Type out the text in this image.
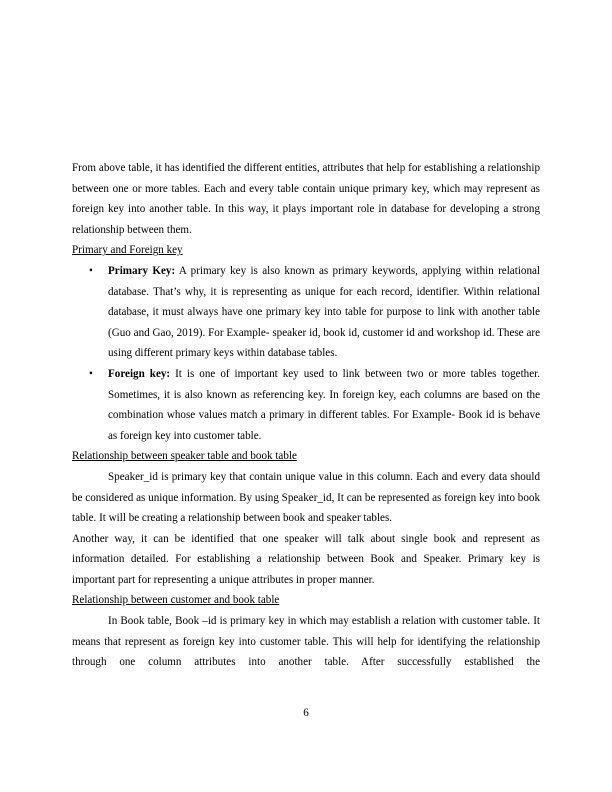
From above table, it has identified the different entities, attributes that help for establishing a relationship between one or more tables. Each and every table contain unique primary key, which may represent as foreign key into another table. In this way, it plays important role in database for developing a strong relationship between them.

Primary and Foreign key

• Primary Key: A primary key is also known as primary keywords, applying within relational database. That’s why, it is representing as unique for each record, identifier. Within relational database, it must always have one primary key into table for purpose to link with another table (Guo and Gao, 2019). For Example- speaker id, book id, customer id and workshop id. These are using different primary keys within database tables.
• Foreign key: It is one of important key used to link between two or more tables together. Sometimes, it is also known as referencing key. In foreign key, each columns are based on the combination whose values match a primary in different tables. For Example- Book id is behave as foreign key into customer table.

Relationship between speaker table and book table

Speaker_id is primary key that contain unique value in this column. Each and every data should be considered as unique information. By using Speaker_id, It can be represented as foreign key into book table. It will be creating a relationship between book and speaker tables.

Another way, it can be identified that one speaker will talk about single book and represent as information detailed. For establishing a relationship between Book and Speaker. Primary key is important part for representing a unique attributes in proper manner.

Relationship between customer and book table

In Book table, Book –id is primary key in which may establish a relation with customer table. It means that represent as foreign key into customer table. This will help for identifying the relationship through one column attributes into another table. After successfully established the

6
